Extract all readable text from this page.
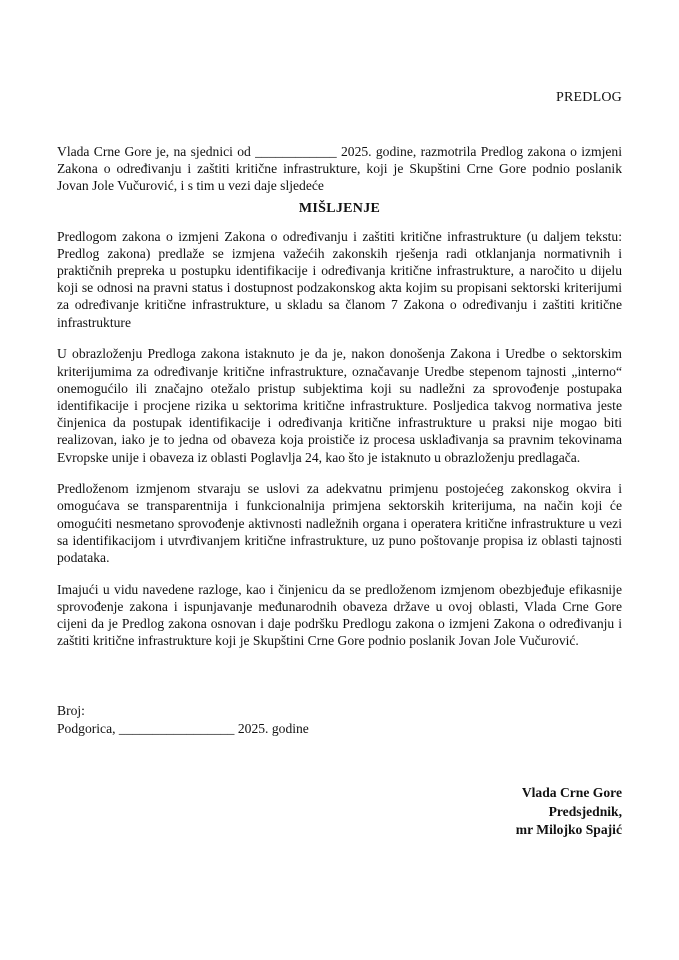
PREDLOG

Vlada Crne Gore je, na sjednici od ____________ 2025. godine, razmotrila Predlog zakona o izmjeni Zakona o određivanju i zaštiti kritične infrastrukture, koji je Skupštini Crne Gore podnio poslanik Jovan Jole Vučurović, i s tim u vezi daje sljedeće

MIŠLJENJE

Predlogom zakona o izmjeni Zakona o određivanju i zaštiti kritične infrastrukture (u daljem tekstu: Predlog zakona) predlaže se izmjena važećih zakonskih rješenja radi otklanjanja normativnih i praktičnih prepreka u postupku identifikacije i određivanja kritične infrastrukture, a naročito u dijelu koji se odnosi na pravni status i dostupnost podzakonskog akta kojim su propisani sektorski kriterijumi za određivanje kritične infrastrukture, u skladu sa članom 7 Zakona o određivanju i zaštiti kritične infrastrukture

U obrazloženju Predloga zakona istaknuto je da je, nakon donošenja Zakona i Uredbe o sektorskim kriterijumima za određivanje kritične infrastrukture, označavanje Uredbe stepenom tajnosti „interno“ onemogućilo ili značajno otežalo pristup subjektima koji su nadležni za sprovođenje postupaka identifikacije i procjene rizika u sektorima kritične infrastrukture. Posljedica takvog normativa jeste činjenica da postupak identifikacije i određivanja kritične infrastrukture u praksi nije mogao biti realizovan, iako je to jedna od obaveza koja proističe iz procesa usklađivanja sa pravnim tekovinama Evropske unije i obaveza iz oblasti Poglavlja 24, kao što je istaknuto u obrazloženju predlagača.

Predloženom izmjenom stvaraju se uslovi za adekvatnu primjenu postojećeg zakonskog okvira i omogućava se transparentnija i funkcionalnija primjena sektorskih kriterijuma, na način koji će omogućiti nesmetano sprovođenje aktivnosti nadležnih organa i operatera kritične infrastrukture u vezi sa identifikacijom i utvrđivanjem kritične infrastrukture, uz puno poštovanje propisa iz oblasti tajnosti podataka.

Imajući u vidu navedene razloge, kao i činjenicu da se predloženom izmjenom obezbjeđuje efikasnije sprovođenje zakona i ispunjavanje međunarodnih obaveza države u ovoj oblasti, Vlada Crne Gore cijeni da je Predlog zakona osnovan i daje podršku Predlogu zakona o izmjeni Zakona o određivanju i zaštiti kritične infrastrukture koji je Skupštini Crne Gore podnio poslanik Jovan Jole Vučurović.

Broj:
Podgorica, _________________ 2025. godine
Vlada Crne Gore
Predsjednik,
mr Milojko Spajić
